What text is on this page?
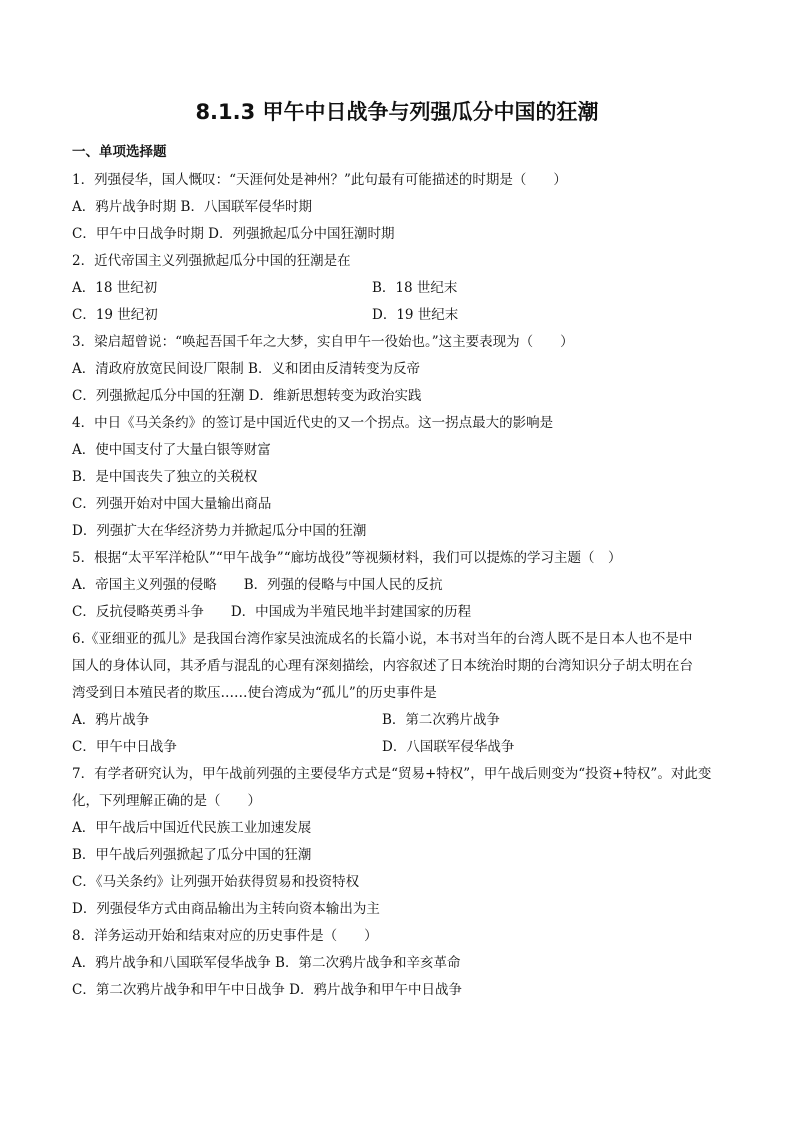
8.1.3 甲午中日战争与列强瓜分中国的狂潮
一、单项选择题
1．列强侵华，国人慨叹：“天涯何处是神州？”此句最有可能描述的时期是（　　）
A．鸦片战争时期 B．八国联军侵华时期
C．甲午中日战争时期 D．列强掀起瓜分中国狂潮时期
2．近代帝国主义列强掀起瓜分中国的狂潮是在
A．18 世纪初	B．18 世纪末
C．19 世纪初	D．19 世纪末
3．梁启超曾说：“唤起吾国千年之大梦，实自甲午一役始也。”这主要表现为（　　）
A．清政府放宽民间设厂限制 B．义和团由反清转变为反帝
C．列强掀起瓜分中国的狂潮 D．维新思想转变为政治实践
4．中日《马关条约》的签订是中国近代史的又一个拐点。这一拐点最大的影响是
A．使中国支付了大量白银等财富
B．是中国丧失了独立的关税权
C．列强开始对中国大量输出商品
D．列强扩大在华经济势力并掀起瓜分中国的狂潮
5．根据“太平军洋枪队”“甲午战争”“廊坊战役”等视频材料，我们可以提炼的学习主题（　）
A．帝国主义列强的侵略　　B．列强的侵略与中国人民的反抗
C．反抗侵略英勇斗争　　D．中国成为半殖民地半封建国家的历程
6.《亚细亚的孤儿》是我国台湾作家吴浊流成名的长篇小说，本书对当年的台湾人既不是日本人也不是中
国人的身体认同，其矛盾与混乱的心理有深刻描绘，内容叙述了日本统治时期的台湾知识分子胡太明在台
湾受到日本殖民者的欺压……使台湾成为“孤儿”的历史事件是
A．鸦片战争	B．第二次鸦片战争
C．甲午中日战争	D．八国联军侵华战争
7．有学者研究认为，甲午战前列强的主要侵华方式是“贸易+特权”，甲午战后则变为“投资+特权”。对此变
化，下列理解正确的是（　　）
A．甲午战后中国近代民族工业加速发展
B．甲午战后列强掀起了瓜分中国的狂潮
C．《马关条约》让列强开始获得贸易和投资特权
D．列强侵华方式由商品输出为主转向资本输出为主
8．洋务运动开始和结束对应的历史事件是（　　）
A．鸦片战争和八国联军侵华战争 B．第二次鸦片战争和辛亥革命
C．第二次鸦片战争和甲午中日战争 D．鸦片战争和甲午中日战争
